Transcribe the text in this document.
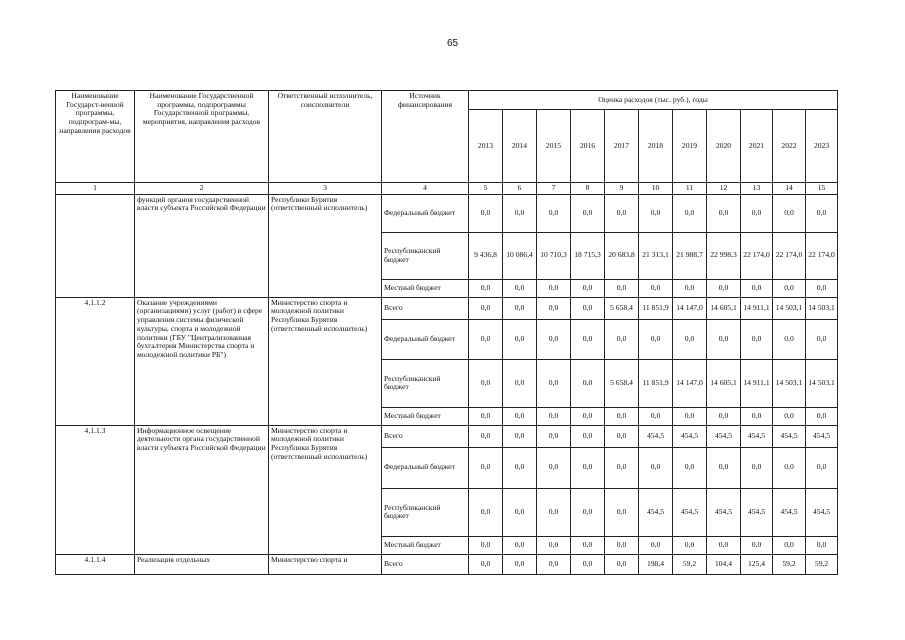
65
Наименование Государст-венной программы, подпрограм-мы, направления расходов	Наименование Государственной программы, подпрограммы Государственной программы, мероприятия, направления расходов	Ответственный исполнитель, соисполнители	Источник финансирования	Оценка расходов (тыс. руб.), годы										
				2013	2014	2015	2016	2017	2018	2019	2020	2021	2022	2023
1	2	3	4	5	6	7	8	9	10	11	12	13	14	15
	функций органов государственной власти субъекта Российской Федерации	Республики Бурятия (ответственный исполнитель)	Федеральный бюджет	0,0	0,0	0,0	0,0	0,0	0,0	0,0	0,0	0,0	0,0	0,0
			Республиканский бюджет	9 436,8	10 086,4	10 710,3	18 715,3	20 683,8	21 313,1	21 988,7	22 998,3	22 174,0	22 174,0	22 174,0
			Местный бюджет	0,0	0,0	0,0	0,0	0,0	0,0	0,0	0,0	0,0	0,0	0,0
4.1.1.2	Оказание учреждениями (организациями) услуг (работ) в сфере управления системы физической культуры, спорта и молодежной политики (ГБУ "Централизованная бухгалтерия Министерства спорта и молодежной политики РБ")	Министерство спорта и молодежной политики Республики Бурятия (ответственный исполнитель)	Всего	0,0	0,0	0,0	0,0	5 658,4	11 851,9	14 147,0	14 605,1	14 911,1	14 503,1	14 503,1
			Федеральный бюджет	0,0	0,0	0,0	0,0	0,0	0,0	0,0	0,0	0,0	0,0	0,0
			Республиканский бюджет	0,0	0,0	0,0	0,0	5 658,4	11 851,9	14 147,0	14 605,1	14 911,1	14 503,1	14 503,1
			Местный бюджет	0,0	0,0	0,0	0,0	0,0	0,0	0,0	0,0	0,0	0,0	0,0
4.1.1.3	Информационное освещение деятельности органа государственной власти субъекта Российской Федерации	Министерство спорта и молодежной политики Республики Бурятия (ответственный исполнитель)	Всего	0,0	0,0	0,0	0,0	0,0	454,5	454,5	454,5	454,5	454,5	454,5
			Федеральный бюджет	0,0	0,0	0,0	0,0	0,0	0,0	0,0	0,0	0,0	0,0	0,0
			Республиканский бюджет	0,0	0,0	0,0	0,0	0,0	454,5	454,5	454,5	454,5	454,5	454,5
			Местный бюджет	0,0	0,0	0,0	0,0	0,0	0,0	0,0	0,0	0,0	0,0	0,0
4.1.1.4	Реализация отдельных	Министерство спорта и	Всего	0,0	0,0	0,0	0,0	0,0	198,4	59,2	104,4	125,4	59,2	59,2
